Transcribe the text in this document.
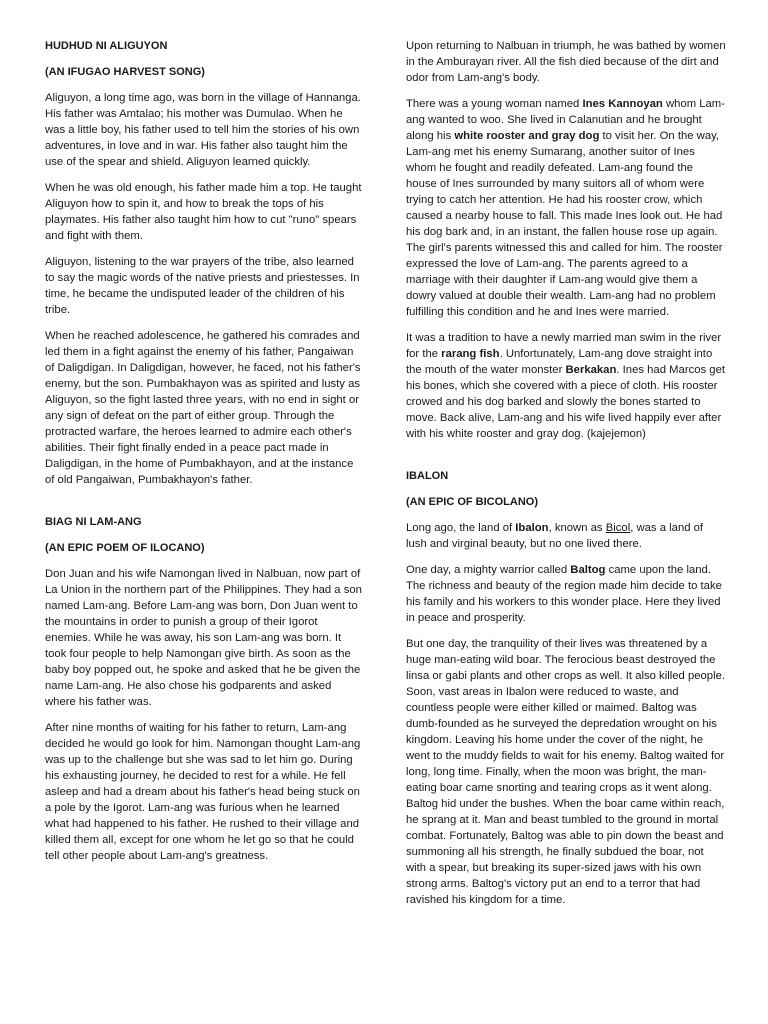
HUDHUD NI ALIGUYON
(AN IFUGAO HARVEST SONG)

Aliguyon, a long time ago, was born in the village of Hannanga. His father was Amtalao; his mother was Dumulao. When he was a little boy, his father used to tell him the stories of his own adventures, in love and in war. His father also taught him the use of the spear and shield. Aliguyon learned quickly.

When he was old enough, his father made him a top. He taught Aliguyon how to spin it, and how to break the tops of his playmates. His father also taught him how to cut "runo" spears and fight with them.

Aliguyon, listening to the war prayers of the tribe, also learned to say the magic words of the native priests and priestesses. In time, he became the undisputed leader of the children of his tribe.

When he reached adolescence, he gathered his comrades and led them in a fight against the enemy of his father, Pangaiwan of Daligdigan. In Daligdigan, however, he faced, not his father's enemy, but the son. Pumbakhayon was as spirited and lusty as Aliguyon, so the fight lasted three years, with no end in sight or any sign of defeat on the part of either group. Through the protracted warfare, the heroes learned to admire each other's abilities. Their fight finally ended in a peace pact made in Daligdigan, in the home of Pumbakhayon, and at the instance of old Pangaiwan, Pumbakhayon's father.

BIAG NI LAM-ANG
(AN EPIC POEM OF ILOCANO)

Don Juan and his wife Namongan lived in Nalbuan, now part of La Union in the northern part of the Philippines. They had a son named Lam-ang. Before Lam-ang was born, Don Juan went to the mountains in order to punish a group of their Igorot enemies. While he was away, his son Lam-ang was born. It took four people to help Namongan give birth. As soon as the baby boy popped out, he spoke and asked that he be given the name Lam-ang. He also chose his godparents and asked where his father was.

After nine months of waiting for his father to return, Lam-ang decided he would go look for him. Namongan thought Lam-ang was up to the challenge but she was sad to let him go. During his exhausting journey, he decided to rest for a while. He fell asleep and had a dream about his father's head being stuck on a pole by the Igorot. Lam-ang was furious when he learned what had happened to his father. He rushed to their village and killed them all, except for one whom he let go so that he could tell other people about Lam-ang's greatness.

Upon returning to Nalbuan in triumph, he was bathed by women in the Amburayan river. All the fish died because of the dirt and odor from Lam-ang's body.

There was a young woman named Ines Kannoyan whom Lam-ang wanted to woo. She lived in Calanutian and he brought along his white rooster and gray dog to visit her. On the way, Lam-ang met his enemy Sumarang, another suitor of Ines whom he fought and readily defeated. Lam-ang found the house of Ines surrounded by many suitors all of whom were trying to catch her attention. He had his rooster crow, which caused a nearby house to fall. This made Ines look out. He had his dog bark and, in an instant, the fallen house rose up again. The girl's parents witnessed this and called for him. The rooster expressed the love of Lam-ang. The parents agreed to a marriage with their daughter if Lam-ang would give them a dowry valued at double their wealth. Lam-ang had no problem fulfilling this condition and he and Ines were married.

It was a tradition to have a newly married man swim in the river for the rarang fish. Unfortunately, Lam-ang dove straight into the mouth of the water monster Berkakan. Ines had Marcos get his bones, which she covered with a piece of cloth. His rooster crowed and his dog barked and slowly the bones started to move. Back alive, Lam-ang and his wife lived happily ever after with his white rooster and gray dog. (kajejemon)

IBALON
(AN EPIC OF BICOLANO)

Long ago, the land of Ibalon, known as Bicol, was a land of lush and virginal beauty, but no one lived there.

One day, a mighty warrior called Baltog came upon the land. The richness and beauty of the region made him decide to take his family and his workers to this wonder place. Here they lived in peace and prosperity.

But one day, the tranquility of their lives was threatened by a huge man-eating wild boar. The ferocious beast destroyed the linsa or gabi plants and other crops as well. It also killed people. Soon, vast areas in Ibalon were reduced to waste, and countless people were either killed or maimed. Baltog was dumb-founded as he surveyed the depredation wrought on his kingdom. Leaving his home under the cover of the night, he went to the muddy fields to wait for his enemy. Baltog waited for long, long time. Finally, when the moon was bright, the man-eating boar came snorting and tearing crops as it went along. Baltog hid under the bushes. When the boar came within reach, he sprang at it. Man and beast tumbled to the ground in mortal combat. Fortunately, Baltog was able to pin down the beast and summoning all his strength, he finally subdued the boar, not with a spear, but breaking its super-sized jaws with his own strong arms. Baltog's victory put an end to a terror that had ravished his kingdom for a time.
